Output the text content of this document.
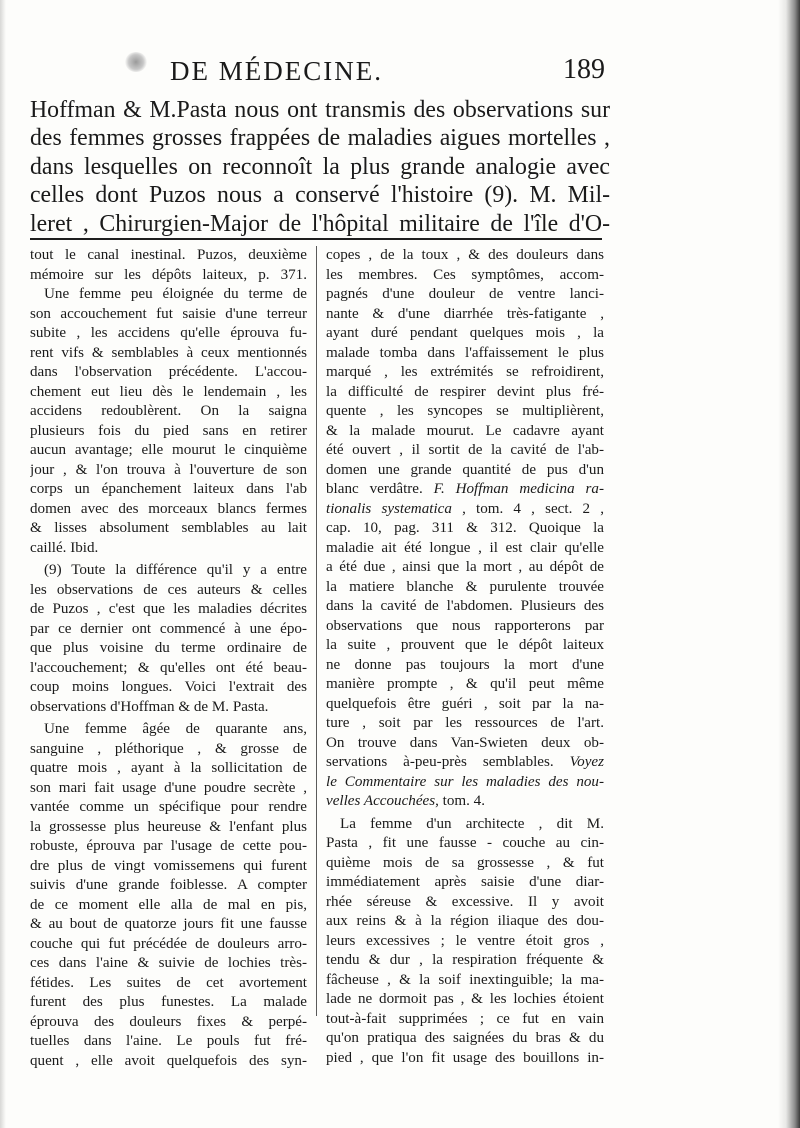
DE MÉDECINE.	189
Hoffman & M.Pasta nous ont transmis des observations sur
des femmes grosses frappées de maladies aigues mortelles ,
dans lesquelles on reconnoît la plus grande analogie avec
celles dont Puzos nous a conservé l'histoire (9). M. Mil-
leret , Chirurgien-Major de l'hôpital militaire de l'île d'O-
tout le canal inestinal. Puzos, deuxième
mémoire sur les dépôts laiteux, p. 371.
Une femme peu éloignée du terme de
son accouchement fut saisie d'une terreur
subite , les accidens qu'elle éprouva fu-
rent vifs & semblables à ceux mentionnés
dans l'observation précédente. L'accou-
chement eut lieu dès le lendemain , les
accidens redoublèrent. On la saigna
plusieurs fois du pied sans en retirer
aucun avantage; elle mourut le cinquième
jour , & l'on trouva à l'ouverture de son
corps un épanchement laiteux dans l'ab
domen avec des morceaux blancs fermes
& lisses absolument semblables au lait
caillé. Ibid.
(9) Toute la différence qu'il y a entre
les observations de ces auteurs & celles
de Puzos , c'est que les maladies décrites
par ce dernier ont commencé à une épo-
que plus voisine du terme ordinaire de
l'accouchement; & qu'elles ont été beau-
coup moins longues. Voici l'extrait des
observations d'Hoffman & de M. Pasta.
Une femme âgée de quarante ans,
sanguine , pléthorique , & grosse de
quatre mois , ayant à la sollicitation de
son mari fait usage d'une poudre secrète ,
vantée comme un spécifique pour rendre
la grossesse plus heureuse & l'enfant plus
robuste, éprouva par l'usage de cette pou-
dre plus de vingt vomissemens qui furent
suivis d'une grande foiblesse. A compter
de ce moment elle alla de mal en pis,
& au bout de quatorze jours fit une fausse
couche qui fut précédée de douleurs arro-
ces dans l'aine & suivie de lochies très-
fétides. Les suites de cet avortement
furent des plus funestes. La malade
éprouva des douleurs fixes & perpé-
tuelles dans l'aine. Le pouls fut fré-
quent , elle avoit quelquefois des syn-
copes , de la toux , & des douleurs dans
les membres. Ces symptômes, accom-
pagnés d'une douleur de ventre lanci-
nante & d'une diarrhée très-fatigante ,
ayant duré pendant quelques mois , la
malade tomba dans l'affaissement le plus
marqué , les extrémités se refroidirent,
la difficulté de respirer devint plus fré-
quente , les syncopes se multiplièrent,
& la malade mourut. Le cadavre ayant
été ouvert , il sortit de la cavité de l'ab-
domen une grande quantité de pus d'un
blanc verdâtre. F. Hoffman medicina ra-
tionalis systematica , tom. 4 , sect. 2 ,
cap. 10, pag. 311 & 312. Quoique la
maladie ait été longue , il est clair qu'elle
a été due , ainsi que la mort , au dépôt de
la matiere blanche & purulente trouvée
dans la cavité de l'abdomen. Plusieurs des
observations que nous rapporterons par
la suite , prouvent que le dépôt laiteux
ne donne pas toujours la mort d'une
manière prompte , & qu'il peut même
quelquefois être guéri , soit par la na-
ture , soit par les ressources de l'art.
On trouve dans Van-Swieten deux ob-
servations à-peu-près semblables. Voyez
le Commentaire sur les maladies des nou-
velles Accouchées, tom. 4.
La femme d'un architecte , dit M.
Pasta , fit une fausse - couche au cin-
quième mois de sa grossesse , & fut
immédiatement après saisie d'une diar-
rhée séreuse & excessive. Il y avoit
aux reins & à la région iliaque des dou-
leurs excessives ; le ventre étoit gros ,
tendu & dur , la respiration fréquente &
fâcheuse , & la soif inextinguible; la ma-
lade ne dormoit pas , & les lochies étoient
tout-à-fait supprimées ; ce fut en vain
qu'on pratiqua des saignées du bras & du
pied , que l'on fit usage des bouillons in-
